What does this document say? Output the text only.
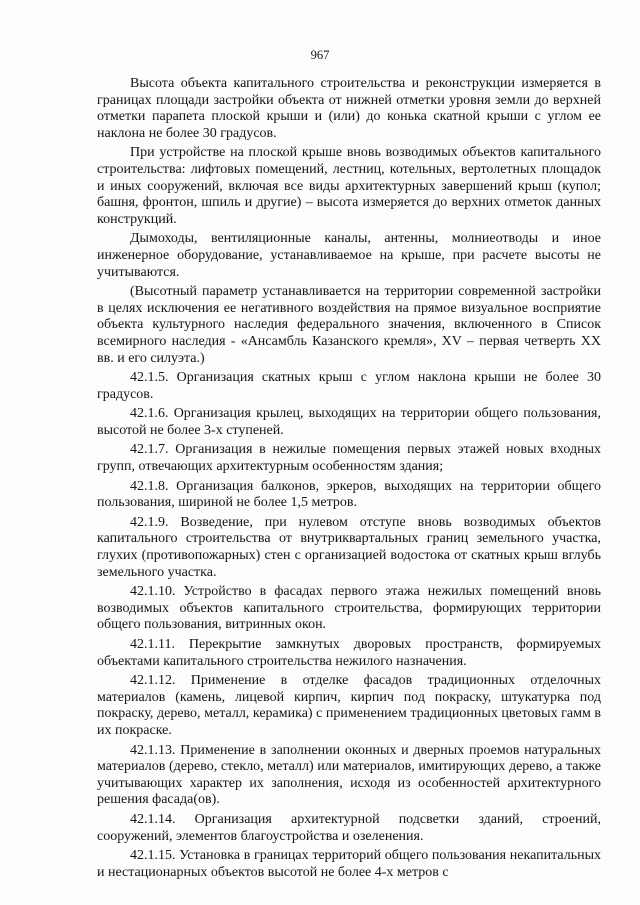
967

Высота объекта капитального строительства и реконструкции измеряется в границах площади застройки объекта от нижней отметки уровня земли до верхней отметки парапета плоской крыши и (или) до конька скатной крыши с углом ее наклона не более 30 градусов.

При устройстве на плоской крыше вновь возводимых объектов капитального строительства: лифтовых помещений, лестниц, котельных, вертолетных площадок и иных сооружений, включая все виды архитектурных завершений крыш (купол; башня, фронтон, шпиль и другие) – высота измеряется до верхних отметок данных конструкций.

Дымоходы, вентиляционные каналы, антенны, молниеотводы и иное инженерное оборудование, устанавливаемое на крыше, при расчете высоты не учитываются.

(Высотный параметр устанавливается на территории современной застройки в целях исключения ее негативного воздействия на прямое визуальное восприятие объекта культурного наследия федерального значения, включенного в Список всемирного наследия - «Ансамбль Казанского кремля», XV – первая четверть XX вв. и его силуэта.)

42.1.5. Организация скатных крыш с углом наклона крыши не более 30 градусов.

42.1.6. Организация крылец, выходящих на территории общего пользования, высотой не более 3-х ступеней.

42.1.7. Организация в нежилые помещения первых этажей новых входных групп, отвечающих архитектурным особенностям здания;

42.1.8. Организация балконов, эркеров, выходящих на территории общего пользования, шириной не более 1,5 метров.

42.1.9. Возведение, при нулевом отступе вновь возводимых объектов капитального строительства от внутриквартальных границ земельного участка, глухих (противопожарных) стен с организацией водостока от скатных крыш вглубь земельного участка.

42.1.10. Устройство в фасадах первого этажа нежилых помещений вновь возводимых объектов капитального строительства, формирующих территории общего пользования, витринных окон.

42.1.11. Перекрытие замкнутых дворовых пространств, формируемых объектами капитального строительства нежилого назначения.

42.1.12. Применение в отделке фасадов традиционных отделочных материалов (камень, лицевой кирпич, кирпич под покраску, штукатурка под покраску, дерево, металл, керамика) с применением традиционных цветовых гамм в их покраске.

42.1.13. Применение в заполнении оконных и дверных проемов натуральных материалов (дерево, стекло, металл) или материалов, имитирующих дерево, а также учитывающих характер их заполнения, исходя из особенностей архитектурного решения фасада(ов).

42.1.14. Организация архитектурной подсветки зданий, строений, сооружений, элементов благоустройства и озеленения.

42.1.15. Установка в границах территорий общего пользования некапитальных и нестационарных объектов высотой не более 4-х метров с
